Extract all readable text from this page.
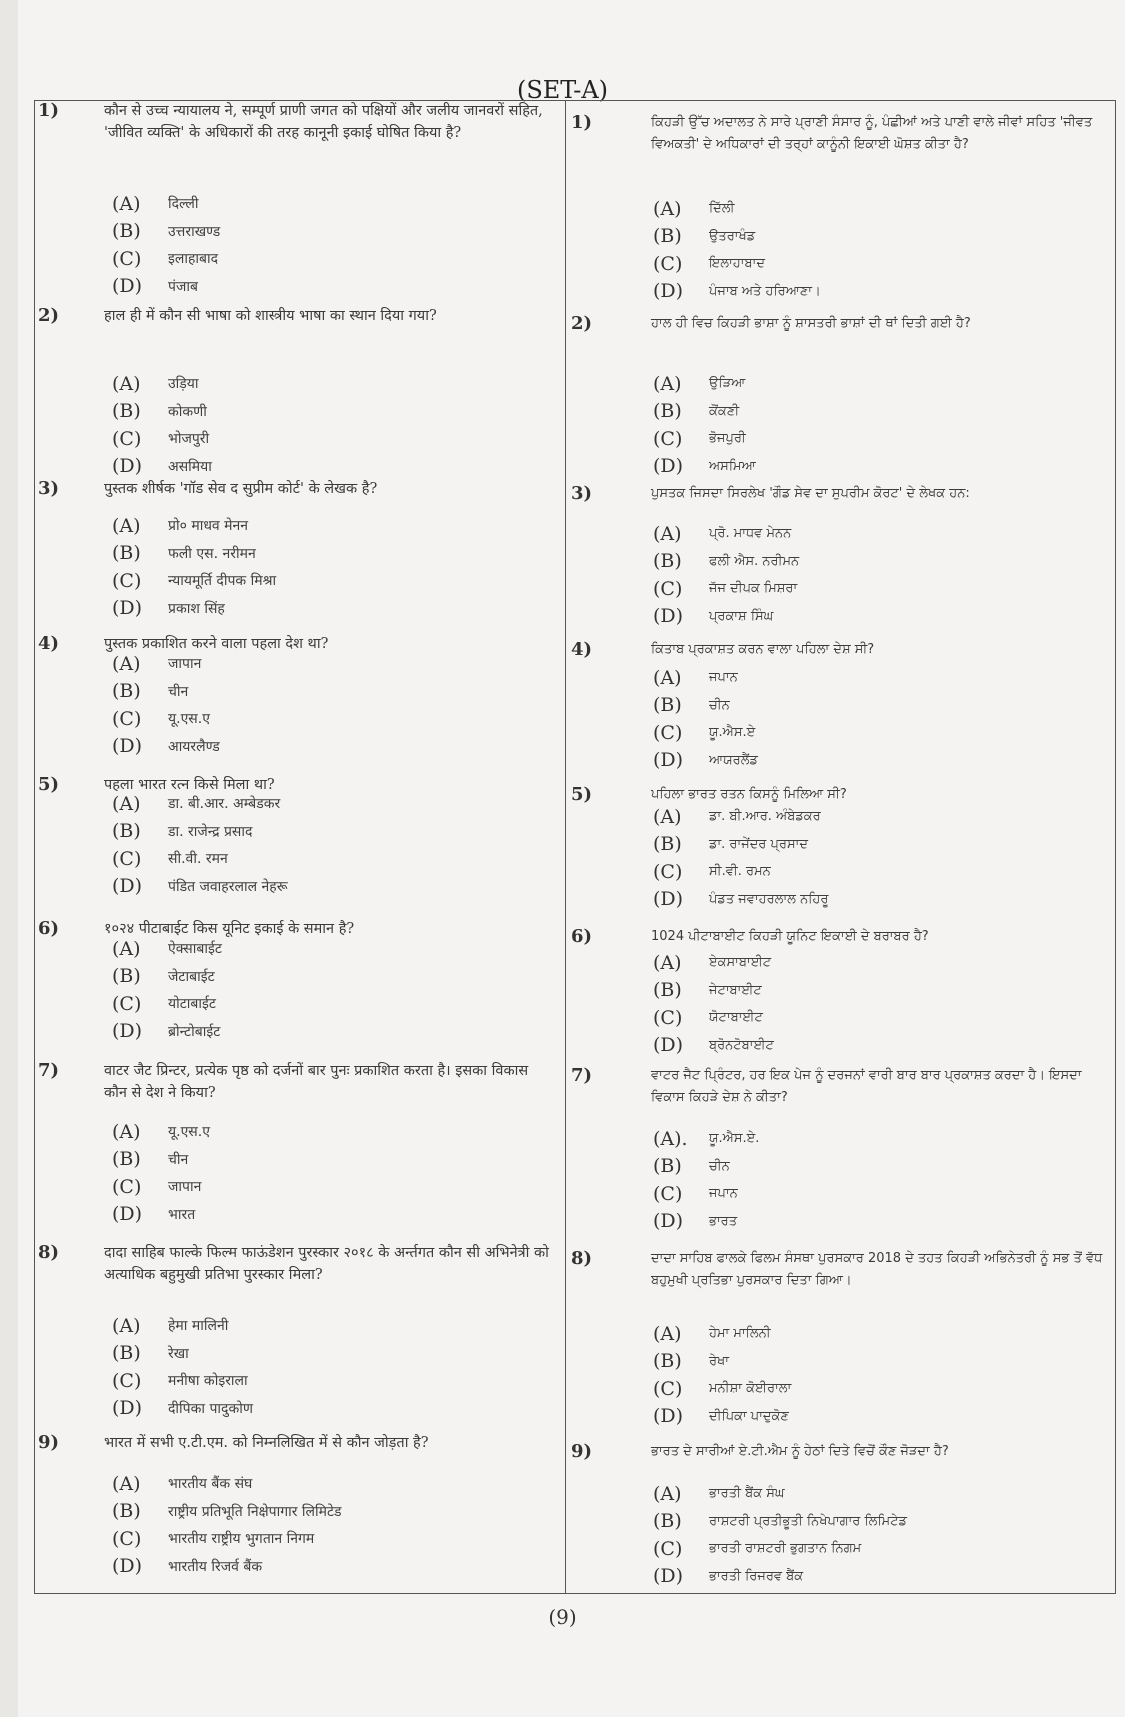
(SET-A)
1)	कौन से उच्च न्यायालय ने, सम्पूर्ण प्राणी जगत को पक्षियों और जलीय जानवरों सहित, 'जीवित व्यक्ति' के अधिकारों की तरह कानूनी इकाई घोषित किया है?
(A)	दिल्ली
(B)	उत्तराखण्ड
(C)	इलाहाबाद
(D)	पंजाब
2)	हाल ही में कौन सी भाषा को शास्त्रीय भाषा का स्थान दिया गया?
(A)	उड़िया
(B)	कोकणी
(C)	भोजपुरी
(D)	असमिया
3)	पुस्तक शीर्षक 'गॉड सेव द सुप्रीम कोर्ट' के लेखक है?
(A)	प्रो० माधव मेनन
(B)	फली एस. नरीमन
(C)	न्यायमूर्ति दीपक मिश्रा
(D)	प्रकाश सिंह
4)	पुस्तक प्रकाशित करने वाला पहला देश था?
(A)	जापान
(B)	चीन
(C)	यू.एस.ए
(D)	आयरलैण्ड
5)	पहला भारत रत्न किसे मिला था?
(A)	डा. बी.आर. अम्बेडकर
(B)	डा. राजेन्द्र प्रसाद
(C)	सी.वी. रमन
(D)	पंडित जवाहरलाल नेहरू
6)	१०२४ पीटाबाईट किस यूनिट इकाई के समान है?
(A)	ऐक्साबाईट
(B)	जेटाबाईट
(C)	योटाबाईट
(D)	ब्रोन्टोबाईट
7)	वाटर जैट प्रिन्टर, प्रत्येक पृष्ठ को दर्जनों बार पुनः प्रकाशित करता है। इसका विकास कौन से देश ने किया?
(A)	यू.एस.ए
(B)	चीन
(C)	जापान
(D)	भारत
8)	दादा साहिब फाल्के फिल्म फाऊंडेशन पुरस्कार २०१८ के अर्न्तगत कौन सी अभिनेत्री को अत्याधिक बहुमुखी प्रतिभा पुरस्कार मिला?
(A)	हेमा मालिनी
(B)	रेखा
(C)	मनीषा कोइराला
(D)	दीपिका पादुकोण
9)	भारत में सभी ए.टी.एम. को निम्नलिखित में से कौन जोड़ता है?
(A)	भारतीय बैंक संघ
(B)	राष्ट्रीय प्रतिभूति निक्षेपागार लिमिटेड
(C)	भारतीय राष्ट्रीय भुगतान निगम
(D)	भारतीय रिजर्व बैंक
1)	ਕਿਹੜੀ ਉੱਚ ਅਦਾਲਤ ਨੇ ਸਾਰੇ ਪ੍ਰਾਣੀ ਸੰਸਾਰ ਨੂੰ, ਪੰਛੀਆਂ ਅਤੇ ਪਾਣੀ ਵਾਲੇ ਜੀਵਾਂ ਸਹਿਤ 'ਜੀਵਤ ਵਿਅਕਤੀ' ਦੇ ਅਧਿਕਾਰਾਂ ਦੀ ਤਰ੍ਹਾਂ ਕਾਨੂੰਨੀ ਇਕਾਈ ਘੋਸ਼ਤ ਕੀਤਾ ਹੈ?
(A)	ਦਿੱਲੀ
(B)	ਉਤਰਾਖੰਡ
(C)	ਇਲਾਹਾਬਾਦ
(D)	ਪੰਜਾਬ ਅਤੇ ਹਰਿਆਣਾ।
2)	ਹਾਲ ਹੀ ਵਿਚ ਕਿਹੜੀ ਭਾਸ਼ਾ ਨੂੰ ਸ਼ਾਸਤਰੀ ਭਾਸ਼ਾਂ ਦੀ ਥਾਂ ਦਿਤੀ ਗਈ ਹੈ?
(A)	ਉੜਿਆ
(B)	ਕੋਂਕਣੀ
(C)	ਭੋਜਪੁਰੀ
(D)	ਅਸਮਿਆ
3)	ਪੁਸਤਕ ਜਿਸਦਾ ਸਿਰਲੇਖ 'ਗੌਡ ਸੇਵ ਦਾ ਸੁਪਰੀਮ ਕੋਰਟ' ਦੇ ਲੇਖਕ ਹਨ:
(A)	ਪ੍ਰੋ. ਮਾਧਵ ਮੇਨਨ
(B)	ਫਲੀ ਐਸ. ਨਰੀਮਨ
(C)	ਜੱਜ ਦੀਪਕ ਮਿਸ਼ਰਾ
(D)	ਪ੍ਰਕਾਸ਼ ਸਿੰਘ
4)	ਕਿਤਾਬ ਪ੍ਰਕਾਸ਼ਤ ਕਰਨ ਵਾਲਾ ਪਹਿਲਾ ਦੇਸ਼ ਸੀ?
(A)	ਜਪਾਨ
(B)	ਚੀਨ
(C)	ਯੂ.ਐਸ.ਏ
(D)	ਆਯਰਲੈਂਡ
5)	ਪਹਿਲਾ ਭਾਰਤ ਰਤਨ ਕਿਸਨੂੰ ਮਿਲਿਆ ਸੀ?
(A)	ਡਾ. ਬੀ.ਆਰ. ਅੰਬੇਡਕਰ
(B)	ਡਾ. ਰਾਜੇਂਦਰ ਪ੍ਰਸਾਦ
(C)	ਸੀ.ਵੀ. ਰਮਨ
(D)	ਪੰਡਤ ਜਵਾਹਰਲਾਲ ਨਹਿਰੂ
6)	1024 ਪੀਟਾਬਾਈਟ ਕਿਹੜੀ ਯੂਨਿਟ ਇਕਾਈ ਦੇ ਬਰਾਬਰ ਹੈ?
(A)	ਏਕਸਾਬਾਈਟ
(B)	ਜੇਟਾਬਾਈਟ
(C)	ਯੋਟਾਬਾਈਟ
(D)	ਬ੍ਰੋਨਟੋਬਾਈਟ
7)	ਵਾਟਰ ਜੈਟ ਪ੍ਰਿੰਟਰ, ਹਰ ਇਕ ਪੇਜ ਨੂੰ ਦਰਜਨਾਂ ਵਾਰੀ ਬਾਰ ਬਾਰ ਪ੍ਰਕਾਸ਼ਤ ਕਰਦਾ ਹੈ। ਇਸਦਾ ਵਿਕਾਸ ਕਿਹੜੇ ਦੇਸ਼ ਨੇ ਕੀਤਾ?
(A).	ਯੂ.ਐਸ.ਏ.
(B)	ਚੀਨ
(C)	ਜਪਾਨ
(D)	ਭਾਰਤ
8)	ਦਾਦਾ ਸਾਹਿਬ ਫਾਲਕੇ ਫਿਲਮ ਸੰਸਥਾ ਪੁਰਸਕਾਰ 2018 ਦੇ ਤਹਤ ਕਿਹੜੀ ਅਭਿਨੇਤਰੀ ਨੂੰ ਸਭ ਤੋਂ ਵੱਧ ਬਹੁਮੁਖੀ ਪ੍ਰਤਿਭਾ ਪੁਰਸਕਾਰ ਦਿਤਾ ਗਿਆ।
(A)	ਹੇਮਾ ਮਾਲਿਨੀ
(B)	ਰੇਖਾ
(C)	ਮਨੀਸ਼ਾ ਕੋਈਰਾਲਾ
(D)	ਦੀਪਿਕਾ ਪਾਦੁਕੋਣ
9)	ਭਾਰਤ ਦੇ ਸਾਰੀਆਂ ਏ.ਟੀ.ਐਮ ਨੂੰ ਹੇਠਾਂ ਦਿਤੇ ਵਿਚੋਂ ਕੌਣ ਜੋੜਦਾ ਹੈ?
(A)	ਭਾਰਤੀ ਬੈਂਕ ਸੰਘ
(B)	ਰਾਸ਼ਟਰੀ ਪ੍ਰਤੀਭੂਤੀ ਨਿਖੇਪਾਗਾਰ ਲਿਮਿਟੇਡ
(C)	ਭਾਰਤੀ ਰਾਸ਼ਟਰੀ ਭੁਗਤਾਨ ਨਿਗਮ
(D)	ਭਾਰਤੀ ਰਿਜਰਵ ਬੈਂਕ
(9)
